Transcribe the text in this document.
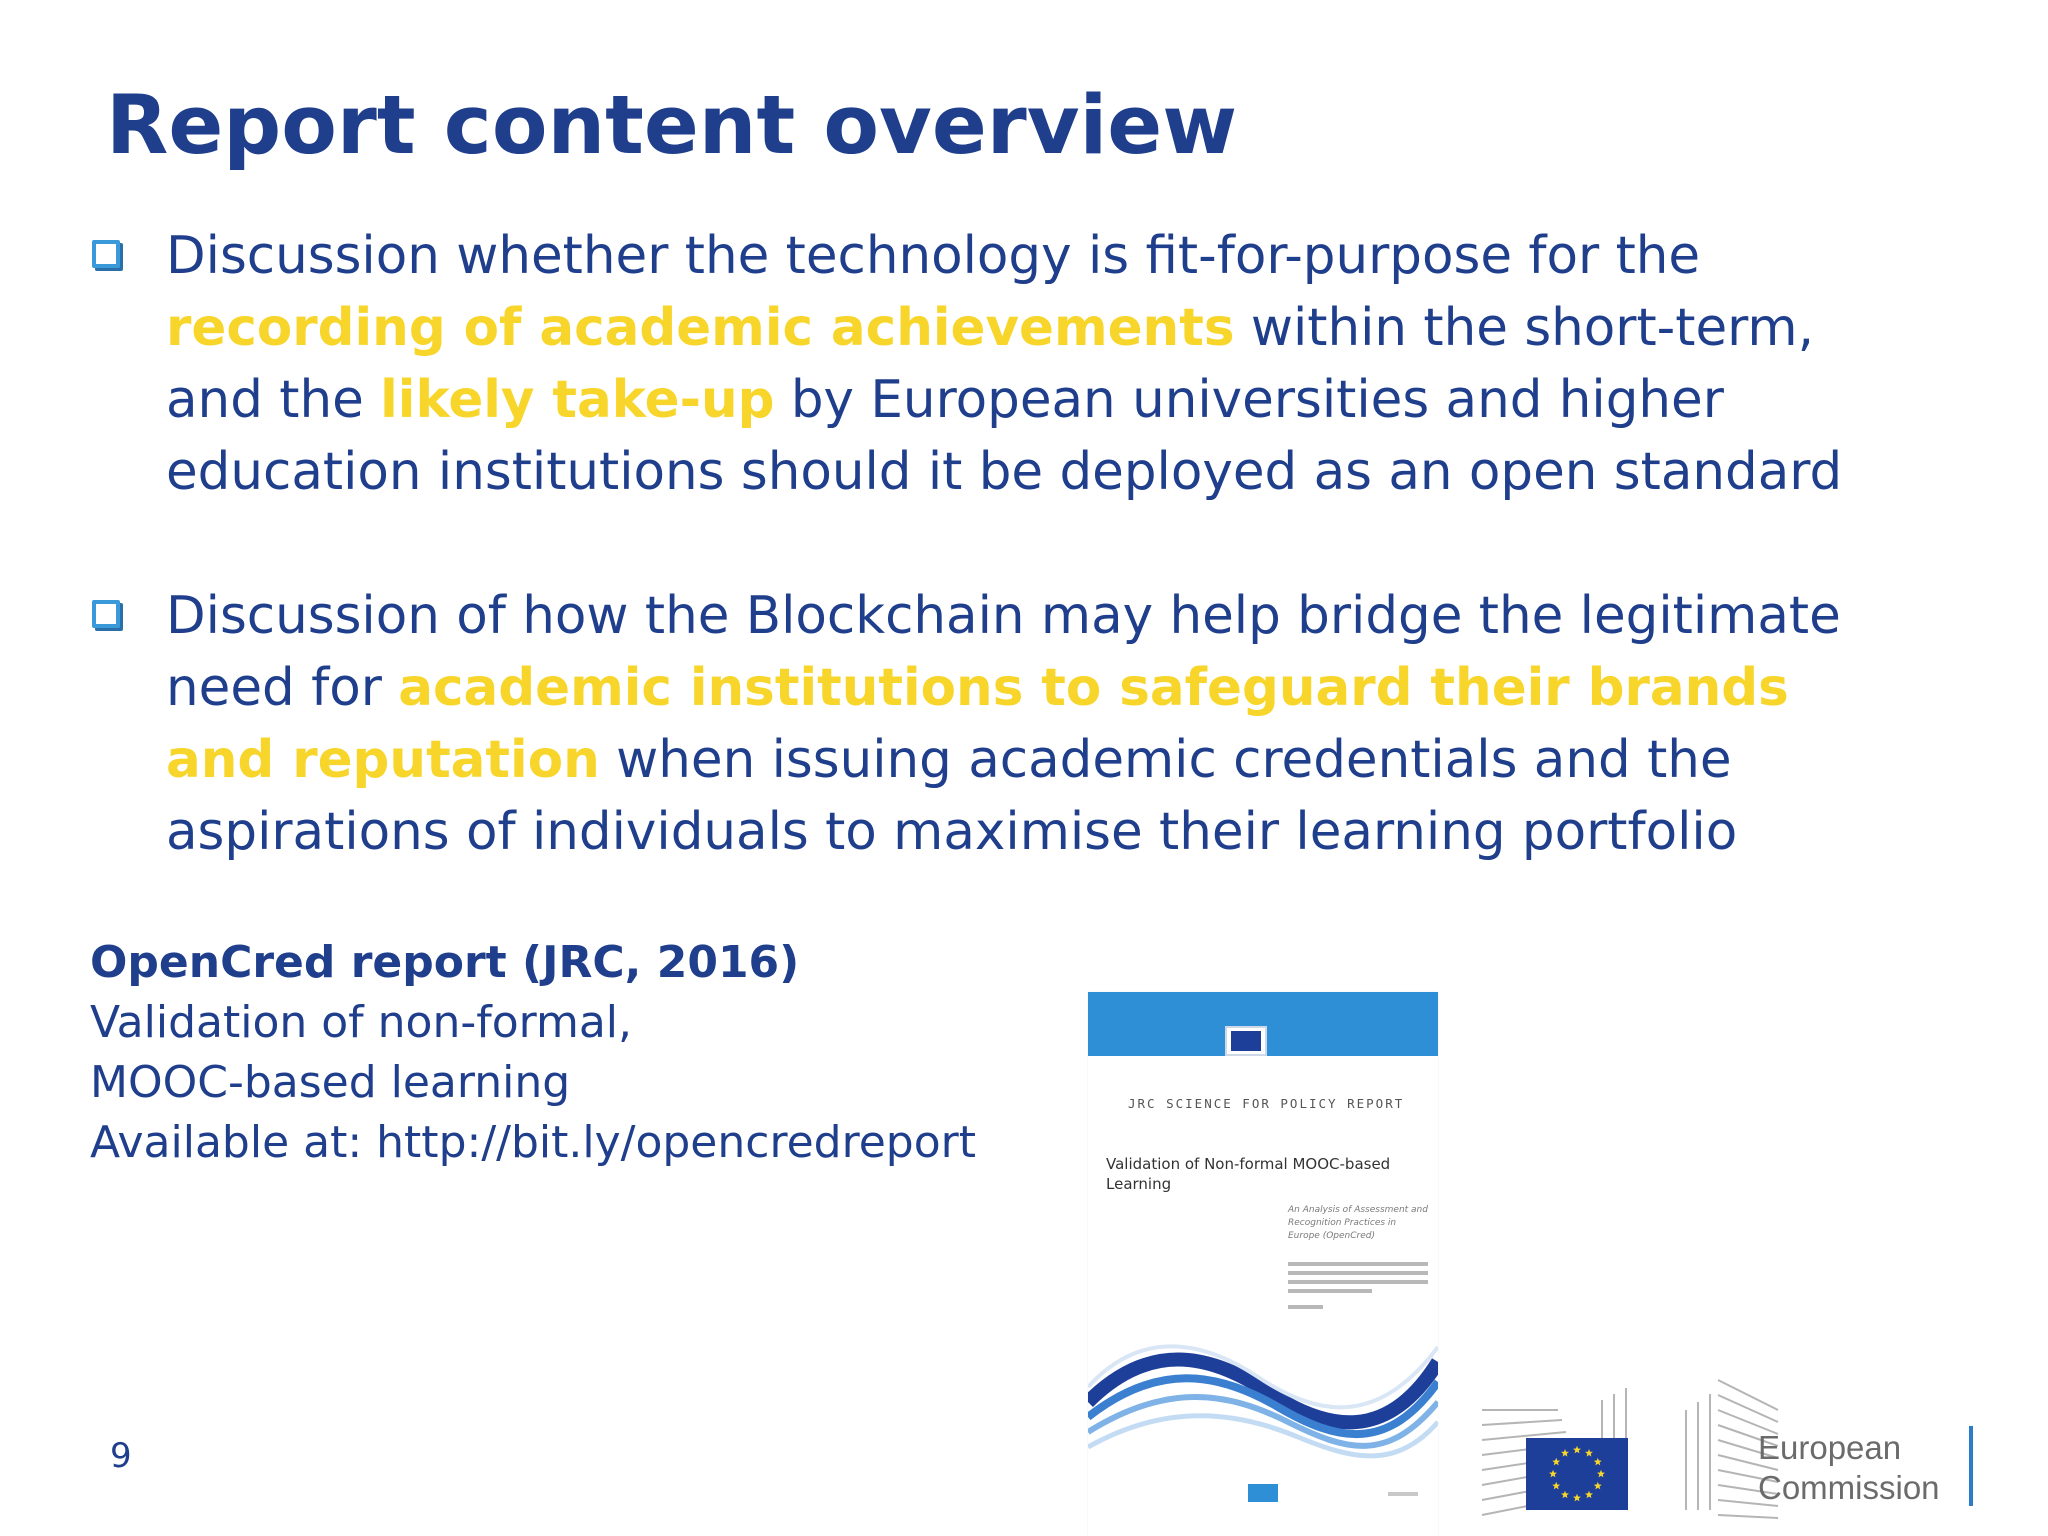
Report content overview
Discussion whether the technology is fit-for-purpose for the
recording of academic achievements within the short-term,
and the likely take-up by European universities and higher
education institutions should it be deployed as an open standard
Discussion of how the Blockchain may help bridge the legitimate
need for academic institutions to safeguard their brands
and reputation when issuing academic credentials and the
aspirations of individuals to maximise their learning portfolio
OpenCred report (JRC, 2016)
Validation of non-formal,
MOOC-based learning
Available at: http://bit.ly/opencredreport
JRC SCIENCE FOR POLICY REPORT
Validation of Non-formal MOOC-based Learning
An Analysis of Assessment and Recognition Practices in Europe (OpenCred)
European
Commission
9
